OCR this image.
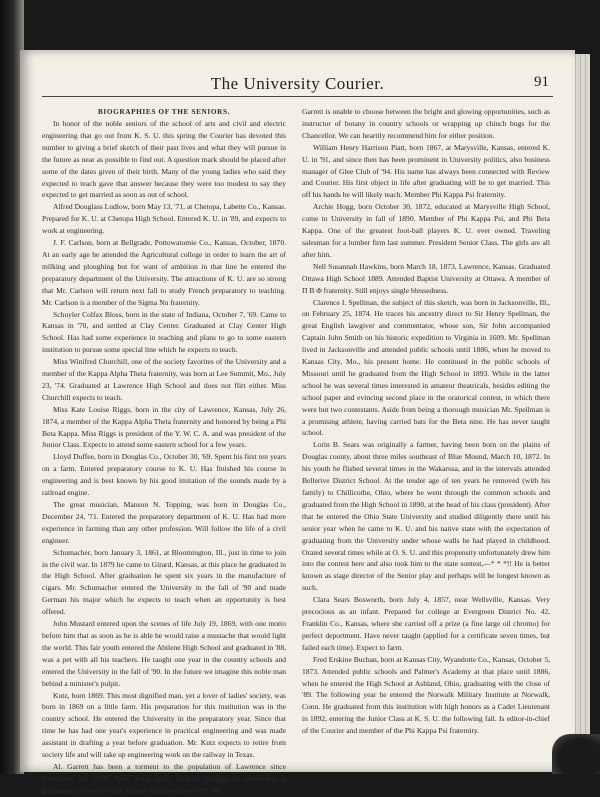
The University Courier.	91
BIOGRAPHIES OF THE SENIORS.

In honor of the noble seniors of the school of arts and civil and electric engineering that go out from K. S. U. this spring the Courier has devoted this number to giving a brief sketch of their past lives and what they will pursue in the future as near as possible to find out. A question mark should be placed after some of the dates given of their birth. Many of the young ladies who said they expected to teach gave that answer because they were too modest to say they expected to get married as soon as out of school.

Alfred Douglass Ludlow, born May 13, '71, at Chetopa, Labette Co., Kansas. Prepared for K. U. at Chetopa High School. Entered K. U. in '89, and expects to work at engineering.

J. F. Carlson, born at Bellgrade, Pottowatomie Co., Kansas, October, 1870. At an early age he attended the Agricultural college in order to learn the art of milking and ploughing but for want of ambition in that line he entered the preparatory department of the University. The attractions of K. U. are so strong that Mr. Carlson will return next fall to study French preparatory to teaching. Mr. Carlson is a member of the Sigma Nu fraternity.

Schuyler Colfax Bloss, born in the state of Indiana, October 7, '69. Came to Kansas in '70, and settled at Clay Center. Graduated at Clay Center High School. Has had some experience in teaching and plans to go to some eastern institution to pursue some special line which he expects to teach.

Miss Winifred Churchill, one of the society favorites of the University and a member of the Kappa Alpha Theta fraternity, was born at Lee Summit, Mo., July 23, '74. Graduated at Lawrence High School and does not flirt either. Miss Churchill expects to teach.

Miss Kate Louise Riggs, born in the city of Lawrence, Kansas, July 26, 1874, a member of the Kappa Alpha Theta fraternity and honored by being a Phi Beta Kappa. Miss Riggs is president of the Y. W. C. A. and was president of the Junior Class. Expects to attend some eastern school for a few years.

Lloyd Duffee, born in Douglas Co., October 30, '69. Spent his first ten years on a farm. Entered preparatory course to K. U. Has finished his course in engineering and is best known by his good imitation of the sounds made by a railroad engine.

The great musician, Manson N. Topping, was born in Douglas Co., December 24, '71. Entered the preparatory department of K. U. Has had more experience in farming than any other profession. Will follow the life of a civil engineer.

Schumacher, born January 3, 1861, at Bloomington, Ill., just in time to join in the civil war. In 1879 he came to Girard, Kansas, at this place he graduated in the High School. After graduation he spent six years in the manufacture of cigars. Mr. Schumacher entered the University in the fall of '90 and made German his major which he expects to teach when an opportunity is best offered.

John Mustard entered upon the scenes of life July 19, 1869, with one motto before him that as soon as he is able he would raise a mustache that would light the world. This fair youth entered the Abilene High School and graduated in '88, was a pet with all his teachers. He taught one year in the country schools and entered the University in the fall of '90. In the future we imagine this noble man behind a minister's pulpit.

Kutz, born 1869. This most dignified man, yet a lover of ladies' society, was born in 1869 on a little farm. His preparation for this institution was in the country school. He entered the University in the preparatory year. Since that time he has had one year's experience in practical engineering and was made assistant in drafting a year before graduation. Mr. Kutz expects to retire from society life and will take up engineering work on the railway in Texas.

Al. Garrett has been a torment to the population of Lawrence since November 15, 1870. After many years of hard struggle he succeeded in graduating at the city High School with the class of '90. Mr.

Garrett is unable to choose between the bright and glowing opportunities, such as instructor of botany in country schools or wrapping up chinch bugs for the Chancellor. We can heartily recommend him for either position.

William Henry Harrison Piatt, born 1867, at Marysville, Kansas, entered K. U. in '91, and since then has been prominent in University politics, also business manager of Glee Club of '94. His name has always been connected with Review and Courier. His first object in life after graduating will be to get married. This off his hands he will likely teach. Member Phi Kappa Psi fraternity.

Archie Hogg, born October 30, 1872, educated at Marysville High School, come to University in fall of 1890. Member of Phi Kappa Psi, and Phi Beta Kappa. One of the greatest foot-ball players K. U. ever owned. Traveling salesman for a lumber firm last summer. President Senior Class. The girls are all after him.

Nell Susannah Hawkins, born March 18, 1873, Lawrence, Kansas. Graduated Ottawa High School 1889. Attended Baptist University at Ottawa. A member of Π Β Φ fraternity. Still enjoys single blessedness.

Clarence I. Spellman, the subject of this sketch, was born in Jacksonville, Ill., on February 25, 1874. He traces his ancestry direct to Sir Henry Spellman, the great English lawgiver and commentator, whose son, Sir John accompanied Captain John Smith on his historic expedition to Virginia in 1609. Mr. Spellman lived in Jacksonville and attended public schools until 1886, when he moved to Kansas City, Mo., his present home. He continued in the public schools of Missouri until he graduated from the High School in 1893. While in the latter school he was several times interested in amateur theatricals, besides editing the school paper and evincing second place in the oratorical contest, in which there were but two contestants. Aside from being a thorough musician Mr. Spellman is a promising athlete, having carried bats for the Beta nine. He has never taught school.

Lorin B. Sears was originally a farmer, having been born on the plains of Douglas county, about three miles southeast of Blue Mound, March 10, 1872. In his youth he flished several times in the Wakarusa, and in the intervals attended Bellerive District School. At the tender age of ten years he removed (with his family) to Chillicothe, Ohio, where he went through the common schools and graduated from the High School in 1890, at the head of his class (president). After that he entered the Ohio State University and studied diligently there until his senior year when he came to K. U. and his native state with the expectation of graduating from the University under whose walls he had played in childhood. Orated several times while at O. S. U. and this propensity unfortunately drew him into the contest here and also took him to the state sontest,—* * *!! He is better known as stage director of the Senior play and perhaps will be longest known as such.

Clara Sears Bosworth, born July 4, 1857, near Wellsville, Kansas. Very precocious as an infant. Prepared for college at Evergreen District No. 42, Franklin Co., Kansas, where she carried off a prize (a fine large oil chromo) for perfect deportment. Have never taught (applied for a certificate seven times, but failed each time). Expect to farm.

Fred Erskine Buchan, born at Kansas City, Wyandotte Co., Kansas, October 5, 1873. Attended public schools and Palmer's Academy at that place until 1886, when he entered the High School at Ashland, Ohio, graduating with the close of '89. The following year he entered the Norwalk Military Institute at Norwalk, Conn. He graduated from this institution with high honors as a Cadet Lieutenant in 1892, entering the Junior Class at K. S. U. the following fall. Is editor-in-chief of the Courier and member of the Phi Kappa Psi fraternity.
